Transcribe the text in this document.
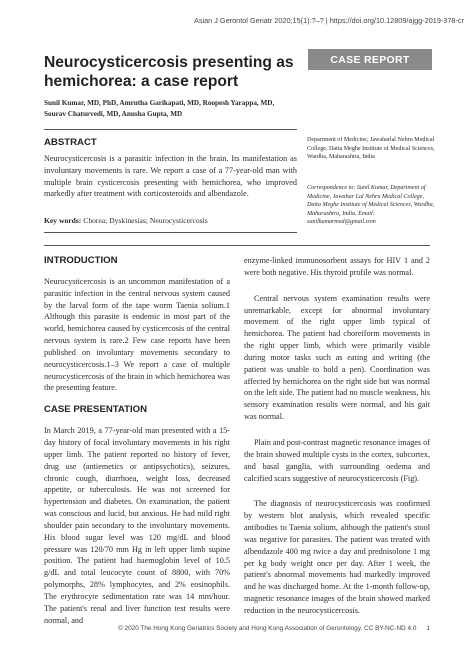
Asian J Gerontol Geriatr 2020;15(1):?–? | https://doi.org/10.12809/ajgg-2019-378-cr
Neurocysticercosis presenting as hemichorea: a case report
CASE REPORT
Sunil Kumar, MD, PhD, Amrutha Garikapati, MD, Roopesh Yarappa, MD,
Sourav Chaturvedi, MD, Anusha Gupta, MD
ABSTRACT
Neurocysticercosis is a parasitic infection in the brain. Its manifestation as involuntary movements is rare. We report a case of a 77-year-old man with multiple brain cysticercosis presenting with hemichorea, who improved markedly after treatment with corticosteroids and albendazole.
Key words: Chorea; Dyskinesias; Neurocysticercosis
Department of Medicine, Jawaharlal Nehru Medical College, Datta Meghe Institute of Medical Sciences, Wardha, Maharashtra, India
Correspondence to: Sunil Kumar, Department of Medicine, Jawahar Lal Nehru Medical College, Datta Meghe Institute of Medical Sciences, Wardha, Maharashtra, India. Email: sunilkumarmed@gmail.com
INTRODUCTION

Neurocysticercosis is an uncommon manifestation of a parasitic infection in the central nervous system caused by the larval form of the tape worm Taenia solium.1 Although this parasite is endemic in most part of the world, hemichorea caused by cysticercosis of the central nervous system is rare.2 Few case reports have been published on involuntary movements secondary to neurocysticercosis.1–3 We report a case of multiple neurocysticercosis of the brain in which hemichorea was the presenting feature.

CASE PRESENTATION

In March 2019, a 77-year-old man presented with a 15-day history of focal involuntary movements in his right upper limb. The patient reported no history of fever, drug use (antiemetics or antipsychotics), seizures, chronic cough, diarrhoea, weight loss, decreased appetite, or tuberculosis. He was not screened for hypertension and diabetes. On examination, the patient was conscious and lucid, but anxious. He had mild right shoulder pain secondary to the involuntary movements. His blood sugar level was 120 mg/dL and blood pressure was 120/70 mm Hg in left upper limb supine position. The patient had haemoglobin level of 10.5 g/dL and total leucocyte count of 8800, with 70% polymorphs, 28% lymphocytes, and 2% eosinophils. The erythrocyte sedimentation rate was 14 mm/hour. The patient's renal and liver function test results were normal, and

enzyme-linked immunosorbent assays for HIV 1 and 2 were both negative. His thyroid profile was normal.

Central nervous system examination results were unremarkable, except for abnormal involuntary movement of the right upper limb typical of hemichorea. The patient had choreiform movements in the right upper limb, which were primarily visible during motor tasks such as eating and writing (the patient was unable to hold a pen). Coordination was affected by hemichorea on the right side but was normal on the left side. The patient had no muscle weakness, his sensory examination results were normal, and his gait was normal.

Plain and post-contrast magnetic resonance images of the brain showed multiple cysts in the cortex, subcortex, and basal ganglia, with surrounding oedema and calcified scars suggestive of neurocysticercosis (Fig).

The diagnosis of neurocysticercosis was confirmed by western blot analysis, which revealed specific antibodies to Taenia solium, although the patient's stool was negative for parasites. The patient was treated with albendazole 400 mg twice a day and prednisolone 1 mg per kg body weight once per day. After 1 week, the patient's abnormal movements had markedly improved and he was discharged home. At the 1-month follow-up, magnetic resonance images of the brain showed marked reduction in the neurocysticercosis.

© 2020 The Hong Kong Geriatrics Society and Hong Kong Association of Gerontology. CC BY-NC-ND 4.0 1
